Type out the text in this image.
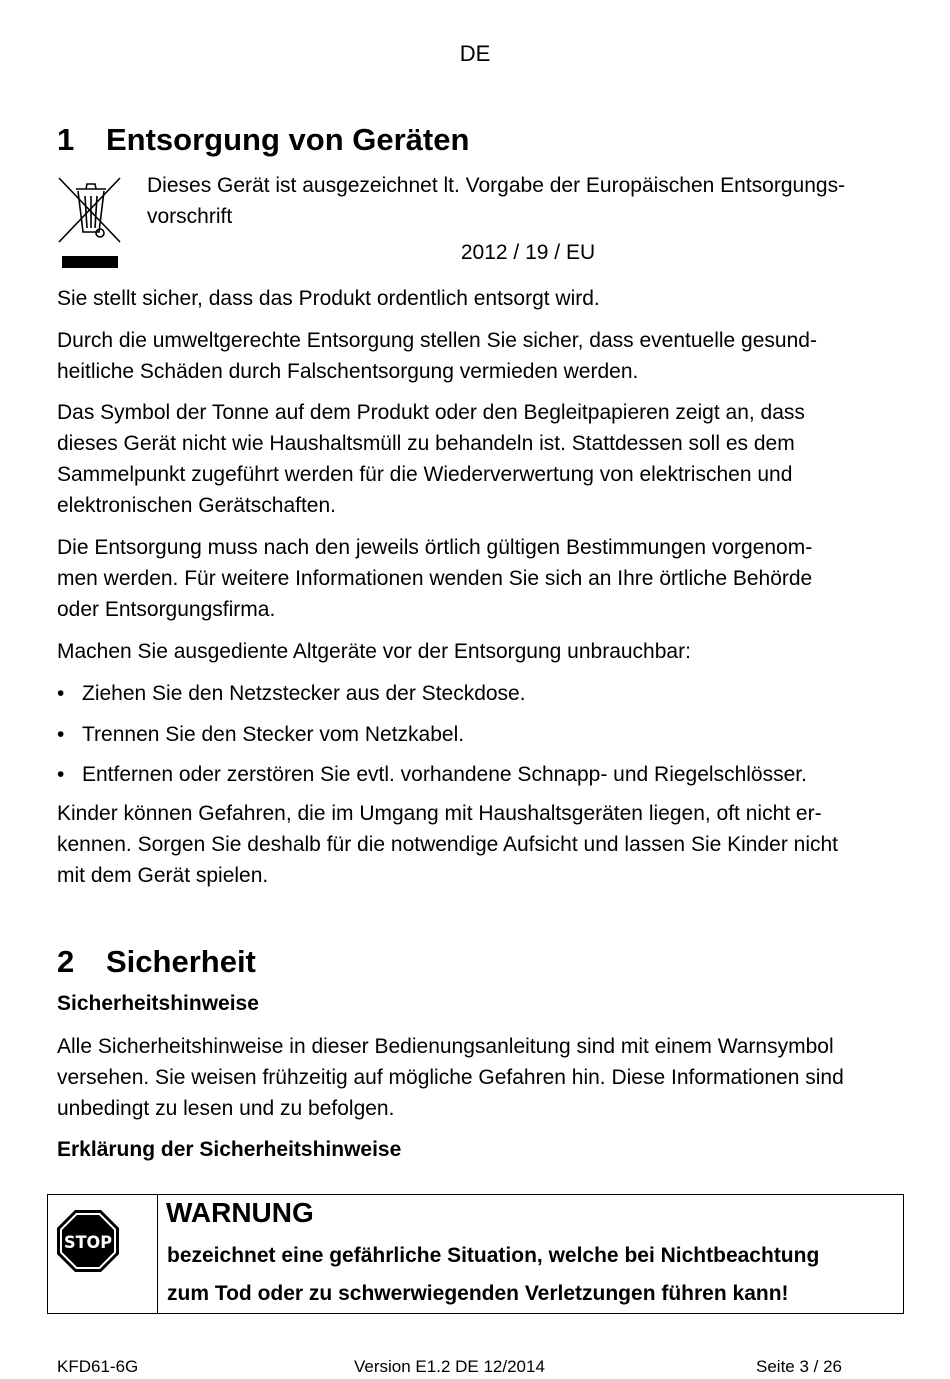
DE
1 Entsorgung von Geräten
Dieses Gerät ist ausgezeichnet lt. Vorgabe der Europäischen Entsorgungs-
vorschrift
2012 / 19 / EU
Sie stellt sicher, dass das Produkt ordentlich entsorgt wird.
Durch die umweltgerechte Entsorgung stellen Sie sicher, dass eventuelle gesund-
heitliche Schäden durch Falschentsorgung vermieden werden.
Das Symbol der Tonne auf dem Produkt oder den Begleitpapieren zeigt an, dass
dieses Gerät nicht wie Haushaltsmüll zu behandeln ist. Stattdessen soll es dem
Sammelpunkt zugeführt werden für die Wiederverwertung von elektrischen und
elektronischen Gerätschaften.
Die Entsorgung muss nach den jeweils örtlich gültigen Bestimmungen vorgenom-
men werden. Für weitere Informationen wenden Sie sich an Ihre örtliche Behörde
oder Entsorgungsfirma.
Machen Sie ausgediente Altgeräte vor der Entsorgung unbrauchbar:
• Ziehen Sie den Netzstecker aus der Steckdose.
• Trennen Sie den Stecker vom Netzkabel.
• Entfernen oder zerstören Sie evtl. vorhandene Schnapp- und Riegelschlösser.
Kinder können Gefahren, die im Umgang mit Haushaltsgeräten liegen, oft nicht er-
kennen. Sorgen Sie deshalb für die notwendige Aufsicht und lassen Sie Kinder nicht
mit dem Gerät spielen.
2 Sicherheit
Sicherheitshinweise
Alle Sicherheitshinweise in dieser Bedienungsanleitung sind mit einem Warnsymbol
versehen. Sie weisen frühzeitig auf mögliche Gefahren hin. Diese Informationen sind
unbedingt zu lesen und zu befolgen.
Erklärung der Sicherheitshinweise
STOP
WARNUNG
bezeichnet eine gefährliche Situation, welche bei Nichtbeachtung
zum Tod oder zu schwerwiegenden Verletzungen führen kann!
KFD61-6G	Version E1.2 DE 12/2014	Seite 3 / 26
